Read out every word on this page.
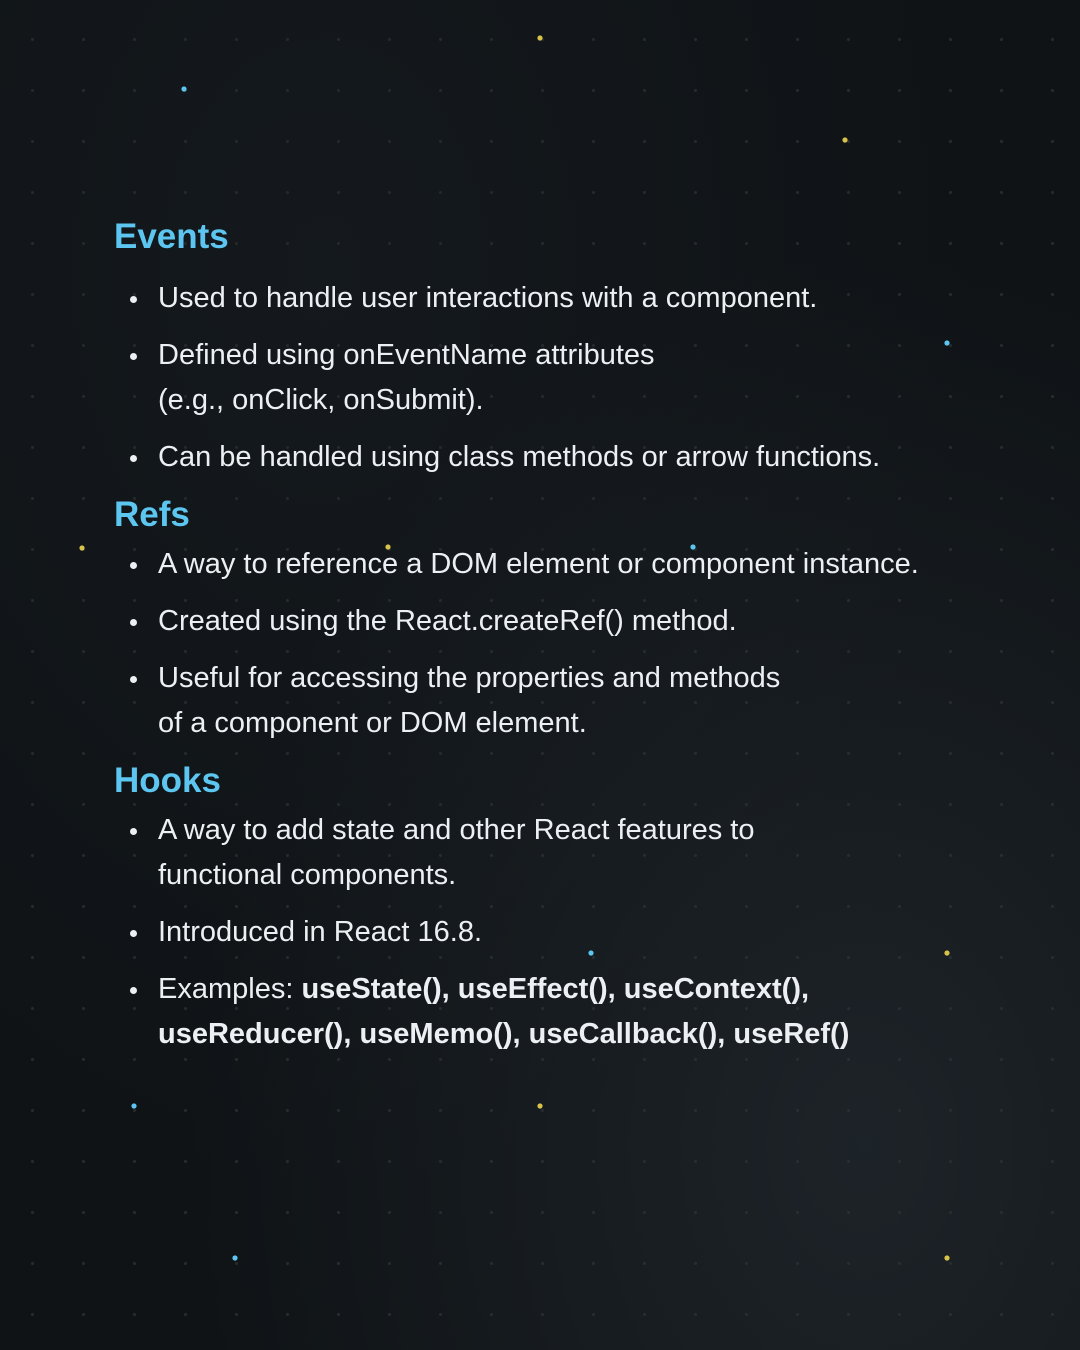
Events
Used to handle user interactions with a component.
Defined using onEventName attributes
(e.g., onClick, onSubmit).
Can be handled using class methods or arrow functions.
Refs
A way to reference a DOM element or component instance.
Created using the React.createRef() method.
Useful for accessing the properties and methods
of a component or DOM element.
Hooks
A way to add state and other React features to
functional components.
Introduced in React 16.8.
Examples: useState(), useEffect(), useContext(),
useReducer(), useMemo(), useCallback(), useRef()
